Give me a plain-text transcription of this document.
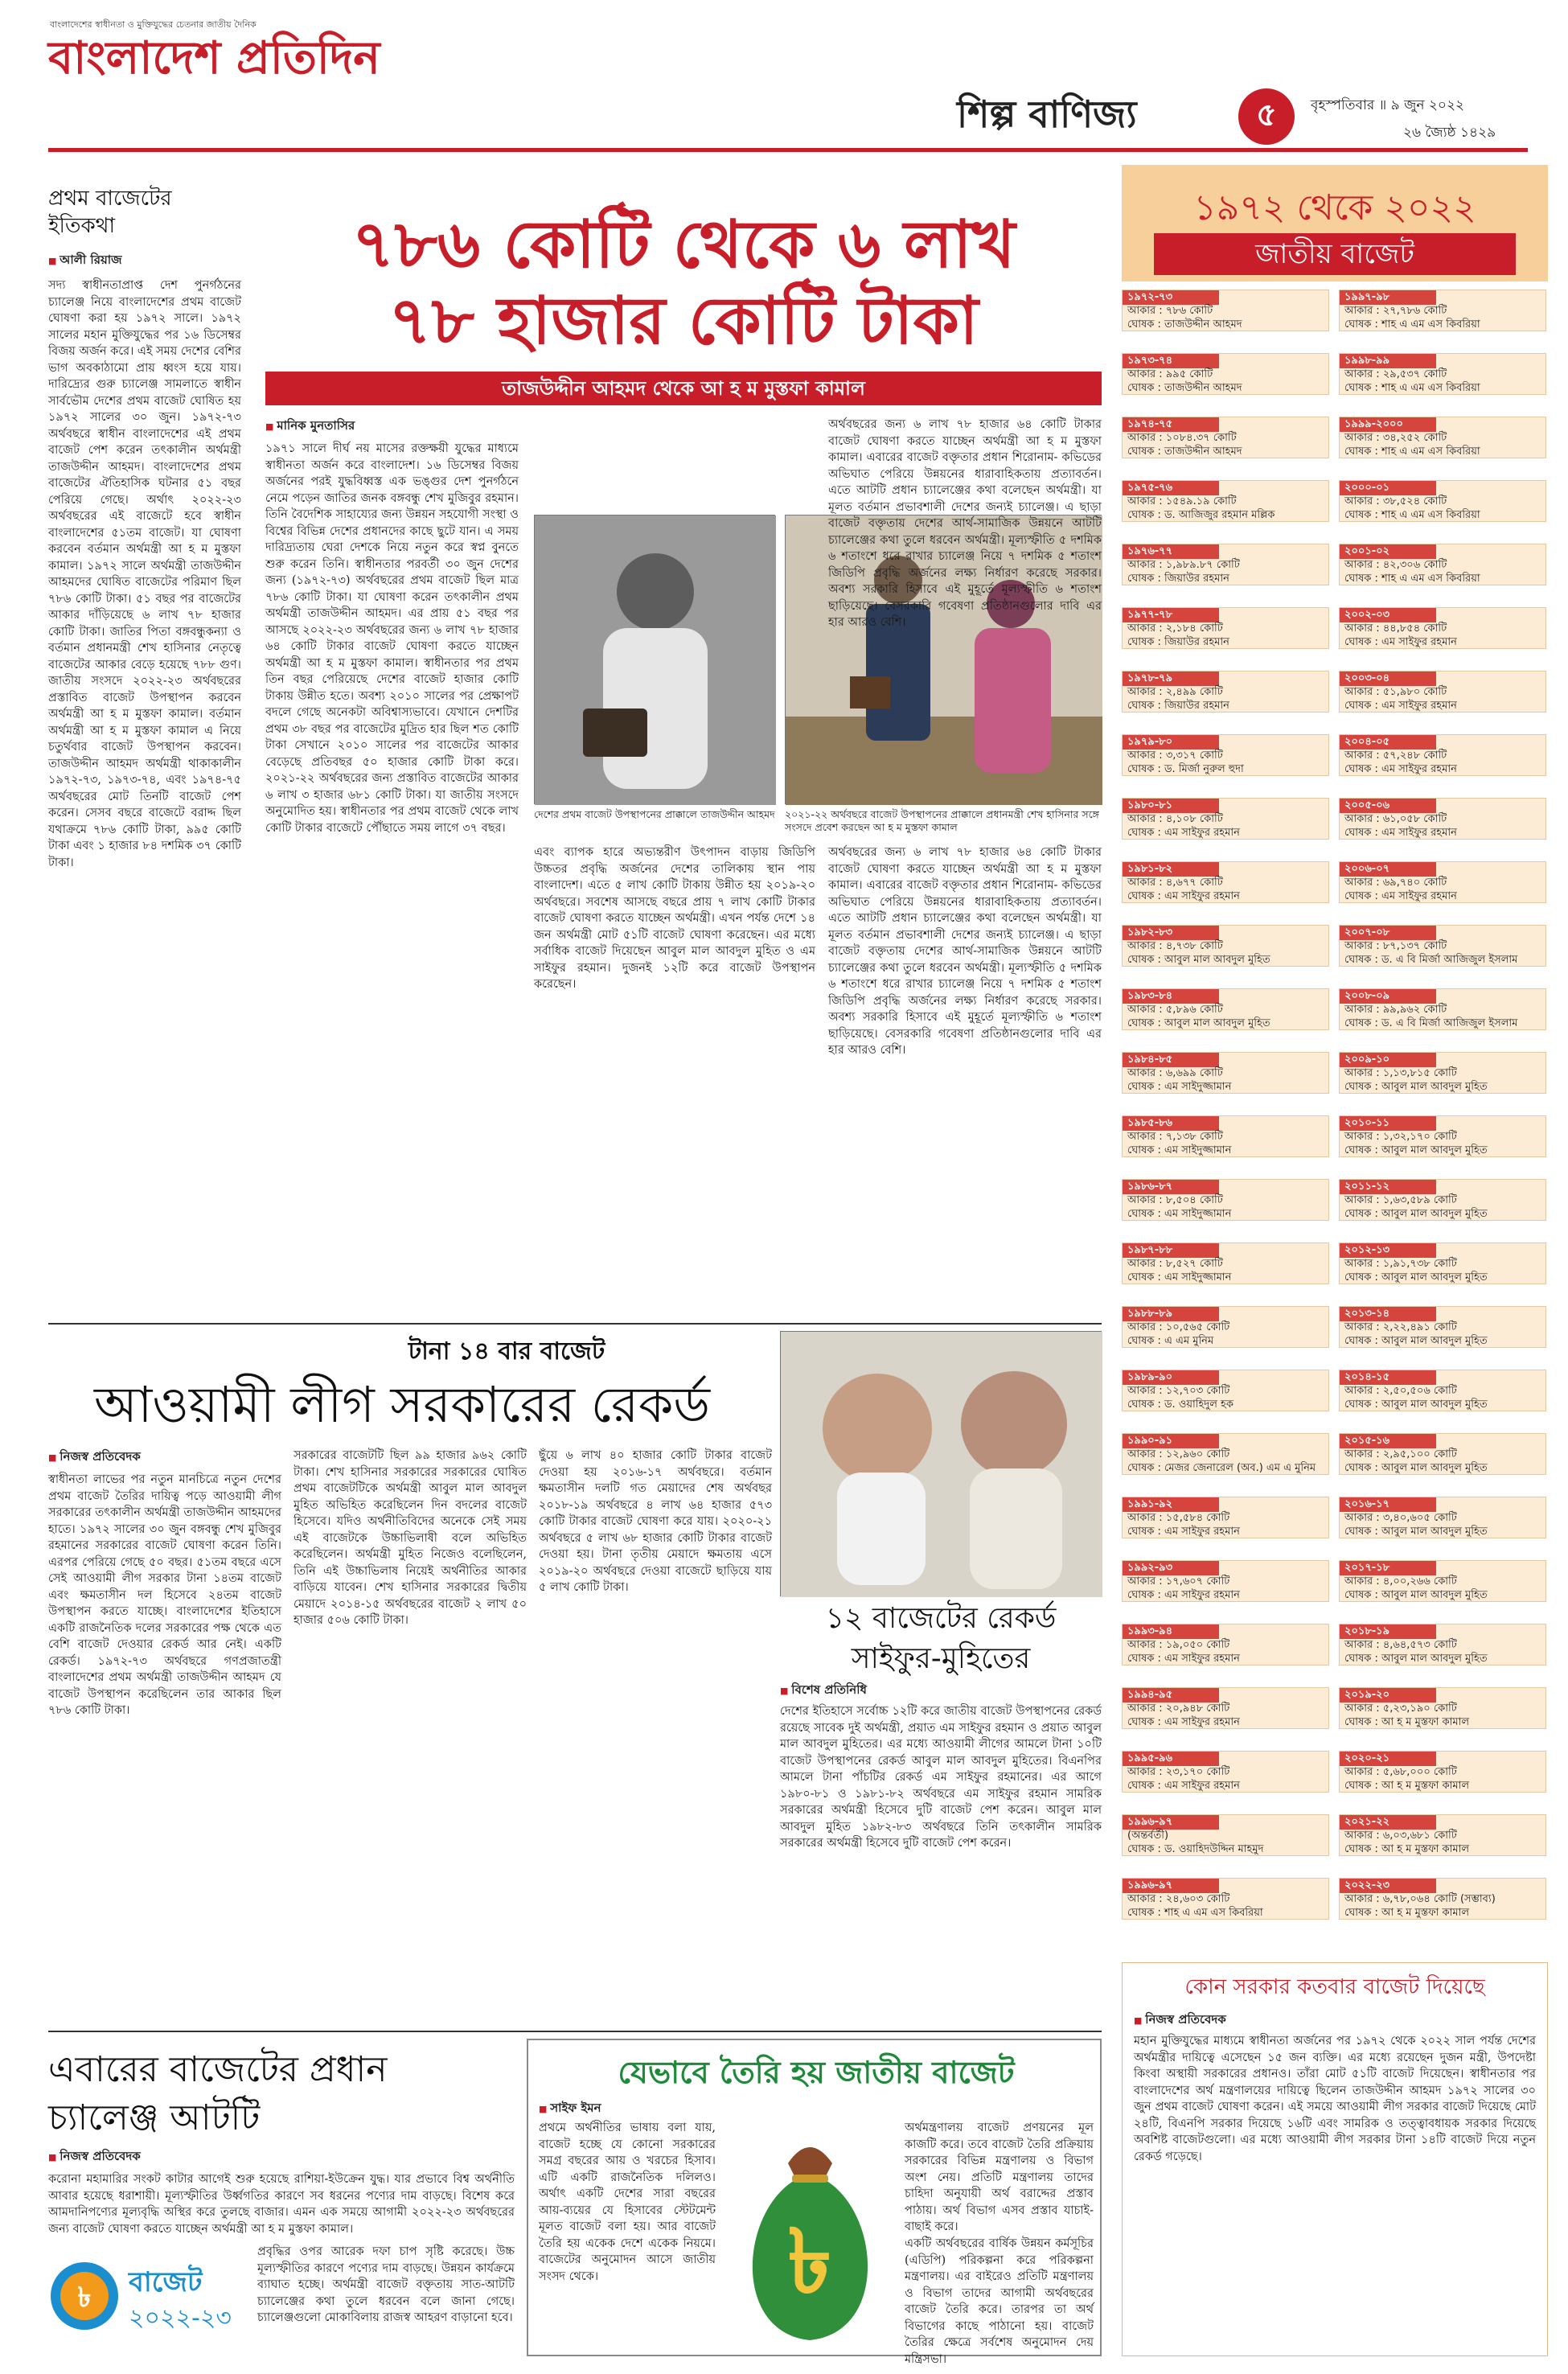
বাংলাদেশের স্বাধীনতা ও মুক্তিযুদ্ধের চেতনার জাতীয় দৈনিক
বাংলাদেশ প্রতিদিন
শিল্প বাণিজ্য	৫	বৃহস্পতিবার ॥ ৯ জুন ২০২২
২৬ জ্যৈষ্ঠ ১৪২৯
প্রথম বাজেটের ইতিকথা
■ আলী রিয়াজ
সদ্য স্বাধীনতাপ্রাপ্ত দেশ পুনর্গঠনের চ্যালেঞ্জ নিয়ে বাংলাদেশের প্রথম বাজেট ঘোষণা করা হয় ১৯৭২ সালে। ১৯৭২ সালের মহান মুক্তিযুদ্ধের পর ১৬ ডিসেম্বর বিজয় অর্জন করে। এই সময় দেশের বেশির ভাগ অবকাঠামো প্রায় ধ্বংস হয়ে যায়। দারিদ্র্যের গুরু চ্যালেঞ্জ সামলাতে স্বাধীন সার্বভৌম দেশের প্রথম বাজেট ঘোষিত হয় ১৯৭২ সালের ৩০ জুন। ১৯৭২-৭৩ অর্থবছরে স্বাধীন বাংলাদেশের এই প্রথম বাজেট পেশ করেন তৎকালীন অর্থমন্ত্রী তাজউদ্দীন আহমদ। বাংলাদেশের প্রথম বাজেটের ঐতিহাসিক ঘটনার ৫১ বছর পেরিয়ে গেছে। অর্থাৎ ২০২২-২৩ অর্থবছরের এই বাজেটে হবে স্বাধীন বাংলাদেশের ৫১তম বাজেট। যা ঘোষণা করবেন বর্তমান অর্থমন্ত্রী আ হ ম মুস্তফা কামাল। ১৯৭২ সালে অর্থমন্ত্রী তাজউদ্দীন আহমদের ঘোষিত বাজেটের পরিমাণ ছিল ৭৮৬ কোটি টাকা। ৫১ বছর পর বাজেটের আকার দাঁড়িয়েছে ৬ লাখ ৭৮ হাজার কোটি টাকা। জাতির পিতা বঙ্গবন্ধুকন্যা ও বর্তমান প্রধানমন্ত্রী শেখ হাসিনার নেতৃত্বে বাজেটের আকার বেড়ে হয়েছে ৭৮৮ গুণ। জাতীয় সংসদে ২০২২-২৩ অর্থবছরের প্রস্তাবিত বাজেট উপস্থাপন করবেন অর্থমন্ত্রী আ হ ম মুস্তফা কামাল। বর্তমান অর্থমন্ত্রী আ হ ম মুস্তফা কামাল এ নিয়ে চতুর্থবার বাজেট উপস্থাপন করবেন। তাজউদ্দীন আহমদ অর্থমন্ত্রী থাকাকালীন ১৯৭২-৭৩, ১৯৭৩-৭৪, এবং ১৯৭৪-৭৫ অর্থবছরের মোট তিনটি বাজেট পেশ করেন। সেসব বছরে বাজেটে বরাদ্দ ছিল যথাক্রমে ৭৮৬ কোটি টাকা, ৯৯৫ কোটি টাকা এবং ১ হাজার ৮৪ দশমিক ৩৭ কোটি টাকা।
৭৮৬ কোটি থেকে ৬ লাখ
৭৮ হাজার কোটি টাকা
তাজউদ্দীন আহমদ থেকে আ হ ম মুস্তফা কামাল
■ মানিক মুনতাসির
১৯৭১ সালে দীর্ঘ নয় মাসের রক্তক্ষয়ী যুদ্ধের মাধ্যমে স্বাধীনতা অর্জন করে বাংলাদেশ। ১৬ ডিসেম্বর বিজয় অর্জনের পরই যুদ্ধবিধ্বস্ত এক ভঙ্গুর দেশ পুনর্গঠনে নেমে পড়েন জাতির জনক বঙ্গবন্ধু শেখ মুজিবুর রহমান। তিনি বৈদেশিক সাহায্যের জন্য উন্নয়ন সহযোগী সংস্থা ও বিশ্বের বিভিন্ন দেশের প্রধানদের কাছে ছুটে যান। এ সময় দারিদ্র্যতায় ঘেরা দেশকে নিয়ে নতুন করে স্বপ্ন বুনতে শুরু করেন তিনি। স্বাধীনতার পরবর্তী ৩০ জুন দেশের জন্য (১৯৭২-৭৩) অর্থবছরের প্রথম বাজেট ছিল মাত্র ৭৮৬ কোটি টাকা। যা ঘোষণা করেন তৎকালীন প্রথম অর্থমন্ত্রী তাজউদ্দীন আহমদ। এর প্রায় ৫১ বছর পর আসছে ২০২২-২৩ অর্থবছরের জন্য ৬ লাখ ৭৮ হাজার ৬৪ কোটি টাকার বাজেট ঘোষণা করতে যাচ্ছেন অর্থমন্ত্রী আ হ ম মুস্তফা কামাল। স্বাধীনতার পর প্রথম তিন বছর পেরিয়েছে দেশের বাজেট হাজার কোটি টাকায় উন্নীত হতে। অবশ্য ২০১০ সালের পর প্রেক্ষাপট বদলে গেছে অনেকটা অবিশ্বাস্যভাবে। যেখানে দেশটির প্রথম ৩৮ বছর পর বাজেটের মুদ্রিত হার ছিল শত কোটি টাকা সেখানে ২০১০ সালের পর বাজেটের আকার বেড়েছে প্রতিবছর ৫০ হাজার কোটি টাকা করে। ২০২১-২২ অর্থবছরের জন্য প্রস্তাবিত বাজেটের আকার ৬ লাখ ৩ হাজার ৬৮১ কোটি টাকা। যা জাতীয় সংসদে অনুমোদিত হয়। স্বাধীনতার পর প্রথম বাজেট থেকে লাখ কোটি টাকার বাজেটে পৌঁছাতে সময় লাগে ৩৭ বছর।
দেশের প্রথম বাজেট উপস্থাপনের প্রাক্কালে তাজউদ্দীন আহমদ ২০২১-২২ অর্থবছরে বাজেট উপস্থাপনের প্রাক্কালে প্রধানমন্ত্রী শেখ হাসিনার সঙ্গে সংসদে প্রবেশ করছেন আ হ ম মুস্তফা কামাল
এবং ব্যাপক হারে অভ্যন্তরীণ উৎপাদন বাড়ায় জিডিপি উচ্চতর প্রবৃদ্ধি অর্জনের দেশের তালিকায় স্থান পায় বাংলাদেশ। এতে ৫ লাখ কোটি টাকায় উন্নীত হয় ২০১৯-২০ অর্থবছরে। সবশেষ আসছে বছরে প্রায় ৭ লাখ কোটি টাকার বাজেট ঘোষণা করতে যাচ্ছেন অর্থমন্ত্রী। এখন পর্যন্ত দেশে ১৪ জন অর্থমন্ত্রী মোট ৫১টি বাজেট ঘোষণা করেছেন। এর মধ্যে সর্বাধিক বাজেট দিয়েছেন আবুল মাল আবদুল মুহিত ও এম সাইফুর রহমান। দুজনই ১২টি করে বাজেট উপস্থাপন করেছেন।
অর্থবছরের জন্য ৬ লাখ ৭৮ হাজার ৬৪ কোটি টাকার বাজেট ঘোষণা করতে যাচ্ছেন অর্থমন্ত্রী আ হ ম মুস্তফা কামাল। এবারের বাজেট বক্তৃতার প্রধান শিরোনাম- কভিডের অভিঘাত পেরিয়ে উন্নয়নের ধারাবাহিকতায় প্রত্যাবর্তন। এতে আটটি প্রধান চ্যালেঞ্জের কথা বলেছেন অর্থমন্ত্রী। যা মূলত বর্তমান প্রভাবশালী দেশের জন্যই চ্যালেঞ্জ। এ ছাড়া বাজেট বক্তৃতায় দেশের আর্থ-সামাজিক উন্নয়নে আটটি চ্যালেঞ্জের কথা তুলে ধরবেন অর্থমন্ত্রী। মূল্যস্ফীতি ৫ দশমিক ৬ শতাংশে ধরে রাখার চ্যালেঞ্জ নিয়ে ৭ দশমিক ৫ শতাংশ জিডিপি প্রবৃদ্ধি অর্জনের লক্ষ্য নির্ধারণ করেছে সরকার। অবশ্য সরকারি হিসাবে এই মুহূর্তে মূল্যস্ফীতি ৬ শতাংশ ছাড়িয়েছে। বেসরকারি গবেষণা প্রতিষ্ঠানগুলোর দাবি এর হার আরও বেশি।
অর্থবছরের জন্য ৬ লাখ ৭৮ হাজার ৬৪ কোটি টাকার বাজেট ঘোষণা করতে যাচ্ছেন অর্থমন্ত্রী আ হ ম মুস্তফা কামাল। এবারের বাজেট বক্তৃতার প্রধান শিরোনাম- কভিডের অভিঘাত পেরিয়ে উন্নয়নের ধারাবাহিকতায় প্রত্যাবর্তন। এতে আটটি প্রধান চ্যালেঞ্জের কথা বলেছেন অর্থমন্ত্রী। যা মূলত বর্তমান প্রভাবশালী দেশের জন্যই চ্যালেঞ্জ। এ ছাড়া বাজেট বক্তৃতায় দেশের আর্থ-সামাজিক উন্নয়নে আটটি চ্যালেঞ্জের কথা তুলে ধরবেন অর্থমন্ত্রী। মূল্যস্ফীতি ৫ দশমিক ৬ শতাংশে ধরে রাখার চ্যালেঞ্জ নিয়ে ৭ দশমিক ৫ শতাংশ জিডিপি প্রবৃদ্ধি অর্জনের লক্ষ্য নির্ধারণ করেছে সরকার। অবশ্য সরকারি হিসাবে এই মুহূর্তে মূল্যস্ফীতি ৬ শতাংশ ছাড়িয়েছে। বেসরকারি গবেষণা প্রতিষ্ঠানগুলোর দাবি এর হার আরও বেশি।
টানা ১৪ বার বাজেট
আওয়ামী লীগ সরকারের রেকর্ড
■ নিজস্ব প্রতিবেদক
স্বাধীনতা লাভের পর নতুন মানচিত্রে নতুন দেশের প্রথম বাজেট তৈরির দায়িত্ব পড়ে আওয়ামী লীগ সরকারের তৎকালীন অর্থমন্ত্রী তাজউদ্দীন আহমদের হাতে। ১৯৭২ সালের ৩০ জুন বঙ্গবন্ধু শেখ মুজিবুর রহমানের সরকারের বাজেট ঘোষণা করেন তিনি। এরপর পেরিয়ে গেছে ৫০ বছর। ৫১তম বছরে এসে সেই আওয়ামী লীগ সরকার টানা ১৪তম বাজেট এবং ক্ষমতাসীন দল হিসেবে ২৪তম বাজেট উপস্থাপন করতে যাচ্ছে। বাংলাদেশের ইতিহাসে একটি রাজনৈতিক দলের সরকারের পক্ষ থেকে এত বেশি বাজেট দেওয়ার রেকর্ড আর নেই। একটি রেকর্ড। ১৯৭২-৭৩ অর্থবছরে গণপ্রজাতন্ত্রী বাংলাদেশের প্রথম অর্থমন্ত্রী তাজউদ্দীন আহমদ যে বাজেট উপস্থাপন করেছিলেন তার আকার ছিল ৭৮৬ কোটি টাকা।
সরকারের বাজেটটি ছিল ৯৯ হাজার ৯৬২ কোটি টাকা। শেখ হাসিনার সরকারের সরকারের ঘোষিত প্রথম বাজেটটিকে অর্থমন্ত্রী আবুল মাল আবদুল মুহিত অভিহিত করেছিলেন দিন বদলের বাজেট হিসেবে। যদিও অর্থনীতিবিদের অনেকে সেই সময় এই বাজেটকে উচ্চাভিলাষী বলে অভিহিত করেছিলেন। অর্থমন্ত্রী মুহিত নিজেও বলেছিলেন, তিনি এই উচ্চাভিলাষ নিয়েই অর্থনীতির আকার বাড়িয়ে যাবেন। শেখ হাসিনার সরকারের দ্বিতীয় মেয়াদে ২০১৪-১৫ অর্থবছরের বাজেট ২ লাখ ৫০ হাজার ৫০৬ কোটি টাকা।
ছুঁয়ে ৬ লাখ ৪০ হাজার কোটি টাকার বাজেট দেওয়া হয় ২০১৬-১৭ অর্থবছরে। বর্তমান ক্ষমতাসীন দলটি গত মেয়াদের শেষ অর্থবছর ২০১৮-১৯ অর্থবছরে ৪ লাখ ৬৪ হাজার ৫৭৩ কোটি টাকার বাজেট ঘোষণা করে যায়। ২০২০-২১ অর্থবছরে ৫ লাখ ৬৮ হাজার কোটি টাকার বাজেট দেওয়া হয়। টানা তৃতীয় মেয়াদে ক্ষমতায় এসে ২০১৯-২০ অর্থবছরে দেওয়া বাজেটে ছাড়িয়ে যায় ৫ লাখ কোটি টাকা।
১২ বাজেটের রেকর্ড
সাইফুর-মুহিতের
■ বিশেষ প্রতিনিধি
দেশের ইতিহাসে সর্বোচ্চ ১২টি করে জাতীয় বাজেট উপস্থাপনের রেকর্ড রয়েছে সাবেক দুই অর্থমন্ত্রী, প্রয়াত এম সাইফুর রহমান ও প্রয়াত আবুল মাল আবদুল মুহিতের। এর মধ্যে আওয়ামী লীগের আমলে টানা ১০টি বাজেট উপস্থাপনের রেকর্ড আবুল মাল আবদুল মুহিতের। বিএনপির আমলে টানা পাঁচটির রেকর্ড এম সাইফুর রহমানের। এর আগে ১৯৮০-৮১ ও ১৯৮১-৮২ অর্থবছরে এম সাইফুর রহমান সামরিক সরকারের অর্থমন্ত্রী হিসেবে দুটি বাজেট পেশ করেন। আবুল মাল আবদুল মুহিত ১৯৮২-৮৩ অর্থবছরে তিনি তৎকালীন সামরিক সরকারের অর্থমন্ত্রী হিসেবে দুটি বাজেট পেশ করেন।
এবারের বাজেটের প্রধান
চ্যালেঞ্জ আটটি
■ নিজস্ব প্রতিবেদক
করোনা মহামারির সংকট কাটার আগেই শুরু হয়েছে রাশিয়া-ইউক্রেন যুদ্ধ। যার প্রভাবে বিশ্ব অর্থনীতি আবার হয়েছে ধরাশায়ী। মূল্যস্ফীতির উর্ধ্বগতির কারণে সব ধরনের পণ্যের দাম বাড়ছে। বিশেষ করে আমদানিপণ্যের মূল্যবৃদ্ধি অস্থির করে তুলছে বাজার। এমন এক সময়ে আগামী ২০২২-২৩ অর্থবছরের জন্য বাজেট ঘোষণা করতে যাচ্ছেন অর্থমন্ত্রী আ হ ম মুস্তফা কামাল।
৳ বাজেট
২০২২-২৩
প্রবৃদ্ধির ওপর আরেক দফা চাপ সৃষ্টি করেছে। উচ্চ মূল্যস্ফীতির কারণে পণ্যের দাম বাড়ছে। উন্নয়ন কার্যক্রমে ব্যাঘাত হচ্ছে। অর্থমন্ত্রী বাজেট বক্তৃতায় সাত-আটটি চ্যালেঞ্জের কথা তুলে ধরবেন বলে জানা গেছে। চ্যালেঞ্জগুলো মোকাবিলায় রাজস্ব আহরণ বাড়ানো হবে।
যেভাবে তৈরি হয় জাতীয় বাজেট
■ সাইফ ইমন
প্রথমে অর্থনীতির ভাষায় বলা যায়, বাজেট হচ্ছে যে কোনো সরকারের সমগ্র বছরের আয় ও খরচের হিসাব। এটি একটি রাজনৈতিক দলিলও। অর্থাৎ একটি দেশের সারা বছরের আয়-ব্যয়ের যে হিসাবের স্টেটমেন্ট মূলত বাজেট বলা হয়। আর বাজেট তৈরি হয় একেক দেশে একেক নিয়মে। বাজেটের অনুমোদন আসে জাতীয় সংসদ থেকে।	৳
অর্থমন্ত্রণালয় বাজেট প্রণয়নের মূল কাজটি করে। তবে বাজেট তৈরি প্রক্রিয়ায় সরকারের বিভিন্ন মন্ত্রণালয় ও বিভাগ অংশ নেয়। প্রতিটি মন্ত্রণালয় তাদের চাহিদা অনুযায়ী অর্থ বরাদ্দের প্রস্তাব পাঠায়। অর্থ বিভাগ এসব প্রস্তাব যাচাই-বাছাই করে।
একটি অর্থবছরের বার্ষিক উন্নয়ন কর্মসূচির (এডিপি) পরিকল্পনা করে পরিকল্পনা মন্ত্রণালয়। এর বাইরেও প্রতিটি মন্ত্রণালয় ও বিভাগ তাদের আগামী অর্থবছরের বাজেট তৈরি করে। তারপর তা অর্থ বিভাগের কাছে পাঠানো হয়। বাজেট তৈরির ক্ষেত্রে সর্বশেষ অনুমোদন দেয় মন্ত্রিসভা।
১৯৭২ থেকে ২০২২
জাতীয় বাজেট
১৯৭২-৭৩
আকার : ৭৮৬ কোটি
ঘোষক : তাজউদ্দীন আহমদ
১৯৭৩-৭৪
আকার : ৯৯৫ কোটি
ঘোষক : তাজউদ্দীন আহমদ
১৯৭৪-৭৫
আকার : ১০৮৪.৩৭ কোটি
ঘোষক : তাজউদ্দীন আহমদ
১৯৭৫-৭৬
আকার : ১৫৪৯.১৯ কোটি
ঘোষক : ড. আজিজুর রহমান মল্লিক
১৯৭৬-৭৭
আকার : ১,৯৮৯.৮৭ কোটি
ঘোষক : জিয়াউর রহমান
১৯৭৭-৭৮
আকার : ২,১৮৪ কোটি
ঘোষক : জিয়াউর রহমান
১৯৭৮-৭৯
আকার : ২,৪৯৯ কোটি
ঘোষক : জিয়াউর রহমান
১৯৭৯-৮০
আকার : ৩,৩১৭ কোটি
ঘোষক : ড. মির্জা নুরুল হুদা
১৯৮০-৮১
আকার : ৪,১০৮ কোটি
ঘোষক : এম সাইফুর রহমান
১৯৮১-৮২
আকার : ৪,৬৭৭ কোটি
ঘোষক : এম সাইফুর রহমান
১৯৮২-৮৩
আকার : ৪,৭৩৮ কোটি
ঘোষক : আবুল মাল আবদুল মুহিত
১৯৮৩-৮৪
আকার : ৫,৮৯৬ কোটি
ঘোষক : আবুল মাল আবদুল মুহিত
১৯৮৪-৮৫
আকার : ৬,৬৯৯ কোটি
ঘোষক : এম সাইদুজ্জামান
১৯৮৫-৮৬
আকার : ৭,১৩৮ কোটি
ঘোষক : এম সাইদুজ্জামান
১৯৮৬-৮৭
আকার : ৮,৫০৪ কোটি
ঘোষক : এম সাইদুজ্জামান
১৯৮৭-৮৮
আকার : ৮,৫২৭ কোটি
ঘোষক : এম সাইদুজ্জামান
১৯৮৮-৮৯
আকার : ১০,৫৬৫ কোটি
ঘোষক : এ এম মুনিম
১৯৮৯-৯০
আকার : ১২,৭০৩ কোটি
ঘোষক : ড. ওয়াহিদুল হক
১৯৯০-৯১
আকার : ১২,৯৬০ কোটি
ঘোষক : মেজর জেনারেল (অব.) এম এ মুনিম
১৯৯১-৯২
আকার : ১৫,৫৮৪ কোটি
ঘোষক : এম সাইফুর রহমান
১৯৯২-৯৩
আকার : ১৭,৬০৭ কোটি
ঘোষক : এম সাইফুর রহমান
১৯৯৩-৯৪
আকার : ১৯,০৫০ কোটি
ঘোষক : এম সাইফুর রহমান
১৯৯৪-৯৫
আকার : ২০,৯৪৮ কোটি
ঘোষক : এম সাইফুর রহমান
১৯৯৫-৯৬
আকার : ২৩,১৭০ কোটি
ঘোষক : এম সাইফুর রহমান
১৯৯৬-৯৭
(অন্তর্বর্তী)
ঘোষক : ড. ওয়াহিদউদ্দিন মাহমুদ
১৯৯৬-৯৭
আকার : ২৪,৬০৩ কোটি
ঘোষক : শাহ এ এম এস কিবরিয়া
১৯৯৭-৯৮
আকার : ২৭,৭৮৬ কোটি
ঘোষক : শাহ এ এম এস কিবরিয়া
১৯৯৮-৯৯
আকার : ২৯,৫৩৭ কোটি
ঘোষক : শাহ এ এম এস কিবরিয়া
১৯৯৯-২০০০
আকার : ৩৪,২৫২ কোটি
ঘোষক : শাহ এ এম এস কিবরিয়া
২০০০-০১
আকার : ৩৮,৫২৪ কোটি
ঘোষক : শাহ এ এম এস কিবরিয়া
২০০১-০২
আকার : ৪২,৩০৬ কোটি
ঘোষক : শাহ এ এম এস কিবরিয়া
২০০২-০৩
আকার : ৪৪,৮৫৪ কোটি
ঘোষক : এম সাইফুর রহমান
২০০৩-০৪
আকার : ৫১,৯৮০ কোটি
ঘোষক : এম সাইফুর রহমান
২০০৪-০৫
আকার : ৫৭,২৪৮ কোটি
ঘোষক : এম সাইফুর রহমান
২০০৫-০৬
আকার : ৬১,০৫৮ কোটি
ঘোষক : এম সাইফুর রহমান
২০০৬-০৭
আকার : ৬৯,৭৪০ কোটি
ঘোষক : এম সাইফুর রহমান
২০০৭-০৮
আকার : ৮৭,১৩৭ কোটি
ঘোষক : ড. এ বি মির্জা আজিজুল ইসলাম
২০০৮-০৯
আকার : ৯৯,৯৬২ কোটি
ঘোষক : ড. এ বি মির্জা আজিজুল ইসলাম
২০০৯-১০
আকার : ১,১৩,৮১৫ কোটি
ঘোষক : আবুল মাল আবদুল মুহিত
২০১০-১১
আকার : ১,৩২,১৭০ কোটি
ঘোষক : আবুল মাল আবদুল মুহিত
২০১১-১২
আকার : ১,৬৩,৫৮৯ কোটি
ঘোষক : আবুল মাল আবদুল মুহিত
২০১২-১৩
আকার : ১,৯১,৭৩৮ কোটি
ঘোষক : আবুল মাল আবদুল মুহিত
২০১৩-১৪
আকার : ২,২২,৪৯১ কোটি
ঘোষক : আবুল মাল আবদুল মুহিত
২০১৪-১৫
আকার : ২,৫০,৫০৬ কোটি
ঘোষক : আবুল মাল আবদুল মুহিত
২০১৫-১৬
আকার : ২,৯৫,১০০ কোটি
ঘোষক : আবুল মাল আবদুল মুহিত
২০১৬-১৭
আকার : ৩,৪০,৬০৫ কোটি
ঘোষক : আবুল মাল আবদুল মুহিত
২০১৭-১৮
আকার : ৪,০০,২৬৬ কোটি
ঘোষক : আবুল মাল আবদুল মুহিত
২০১৮-১৯
আকার : ৪,৬৪,৫৭৩ কোটি
ঘোষক : আবুল মাল আবদুল মুহিত
২০১৯-২০
আকার : ৫,২৩,১৯০ কোটি
ঘোষক : আ হ ম মুস্তফা কামাল
২০২০-২১
আকার : ৫,৬৮,০০০ কোটি
ঘোষক : আ হ ম মুস্তফা কামাল
২০২১-২২
আকার : ৬,০৩,৬৮১ কোটি
ঘোষক : আ হ ম মুস্তফা কামাল
২০২২-২৩
আকার : ৬,৭৮,০৬৪ কোটি (সম্ভাব্য)
ঘোষক : আ হ ম মুস্তফা কামাল
কোন সরকার কতবার বাজেট দিয়েছে
■ নিজস্ব প্রতিবেদক
মহান মুক্তিযুদ্ধের মাধ্যমে স্বাধীনতা অর্জনের পর ১৯৭২ থেকে ২০২২ সাল পর্যন্ত দেশের অর্থমন্ত্রীর দায়িত্বে এসেছেন ১৫ জন ব্যক্তি। এর মধ্যে রয়েছেন দুজন মন্ত্রী, উপদেষ্টা কিংবা অস্থায়ী সরকারের প্রধানও। তাঁরা মোট ৫১টি বাজেট দিয়েছেন। স্বাধীনতার পর বাংলাদেশের অর্থ মন্ত্রণালয়ের দায়িত্বে ছিলেন তাজউদ্দীন আহমদ ১৯৭২ সালের ৩০ জুন প্রথম বাজেট ঘোষণা করেন। এই সময়ে আওয়ামী লীগ সরকার বাজেট দিয়েছে মোট ২৪টি, বিএনপি সরকার দিয়েছে ১৬টি এবং সামরিক ও তত্ত্বাবধায়ক সরকার দিয়েছে অবশিষ্ট বাজেটগুলো। এর মধ্যে আওয়ামী লীগ সরকার টানা ১৪টি বাজেট দিয়ে নতুন রেকর্ড গড়েছে।
